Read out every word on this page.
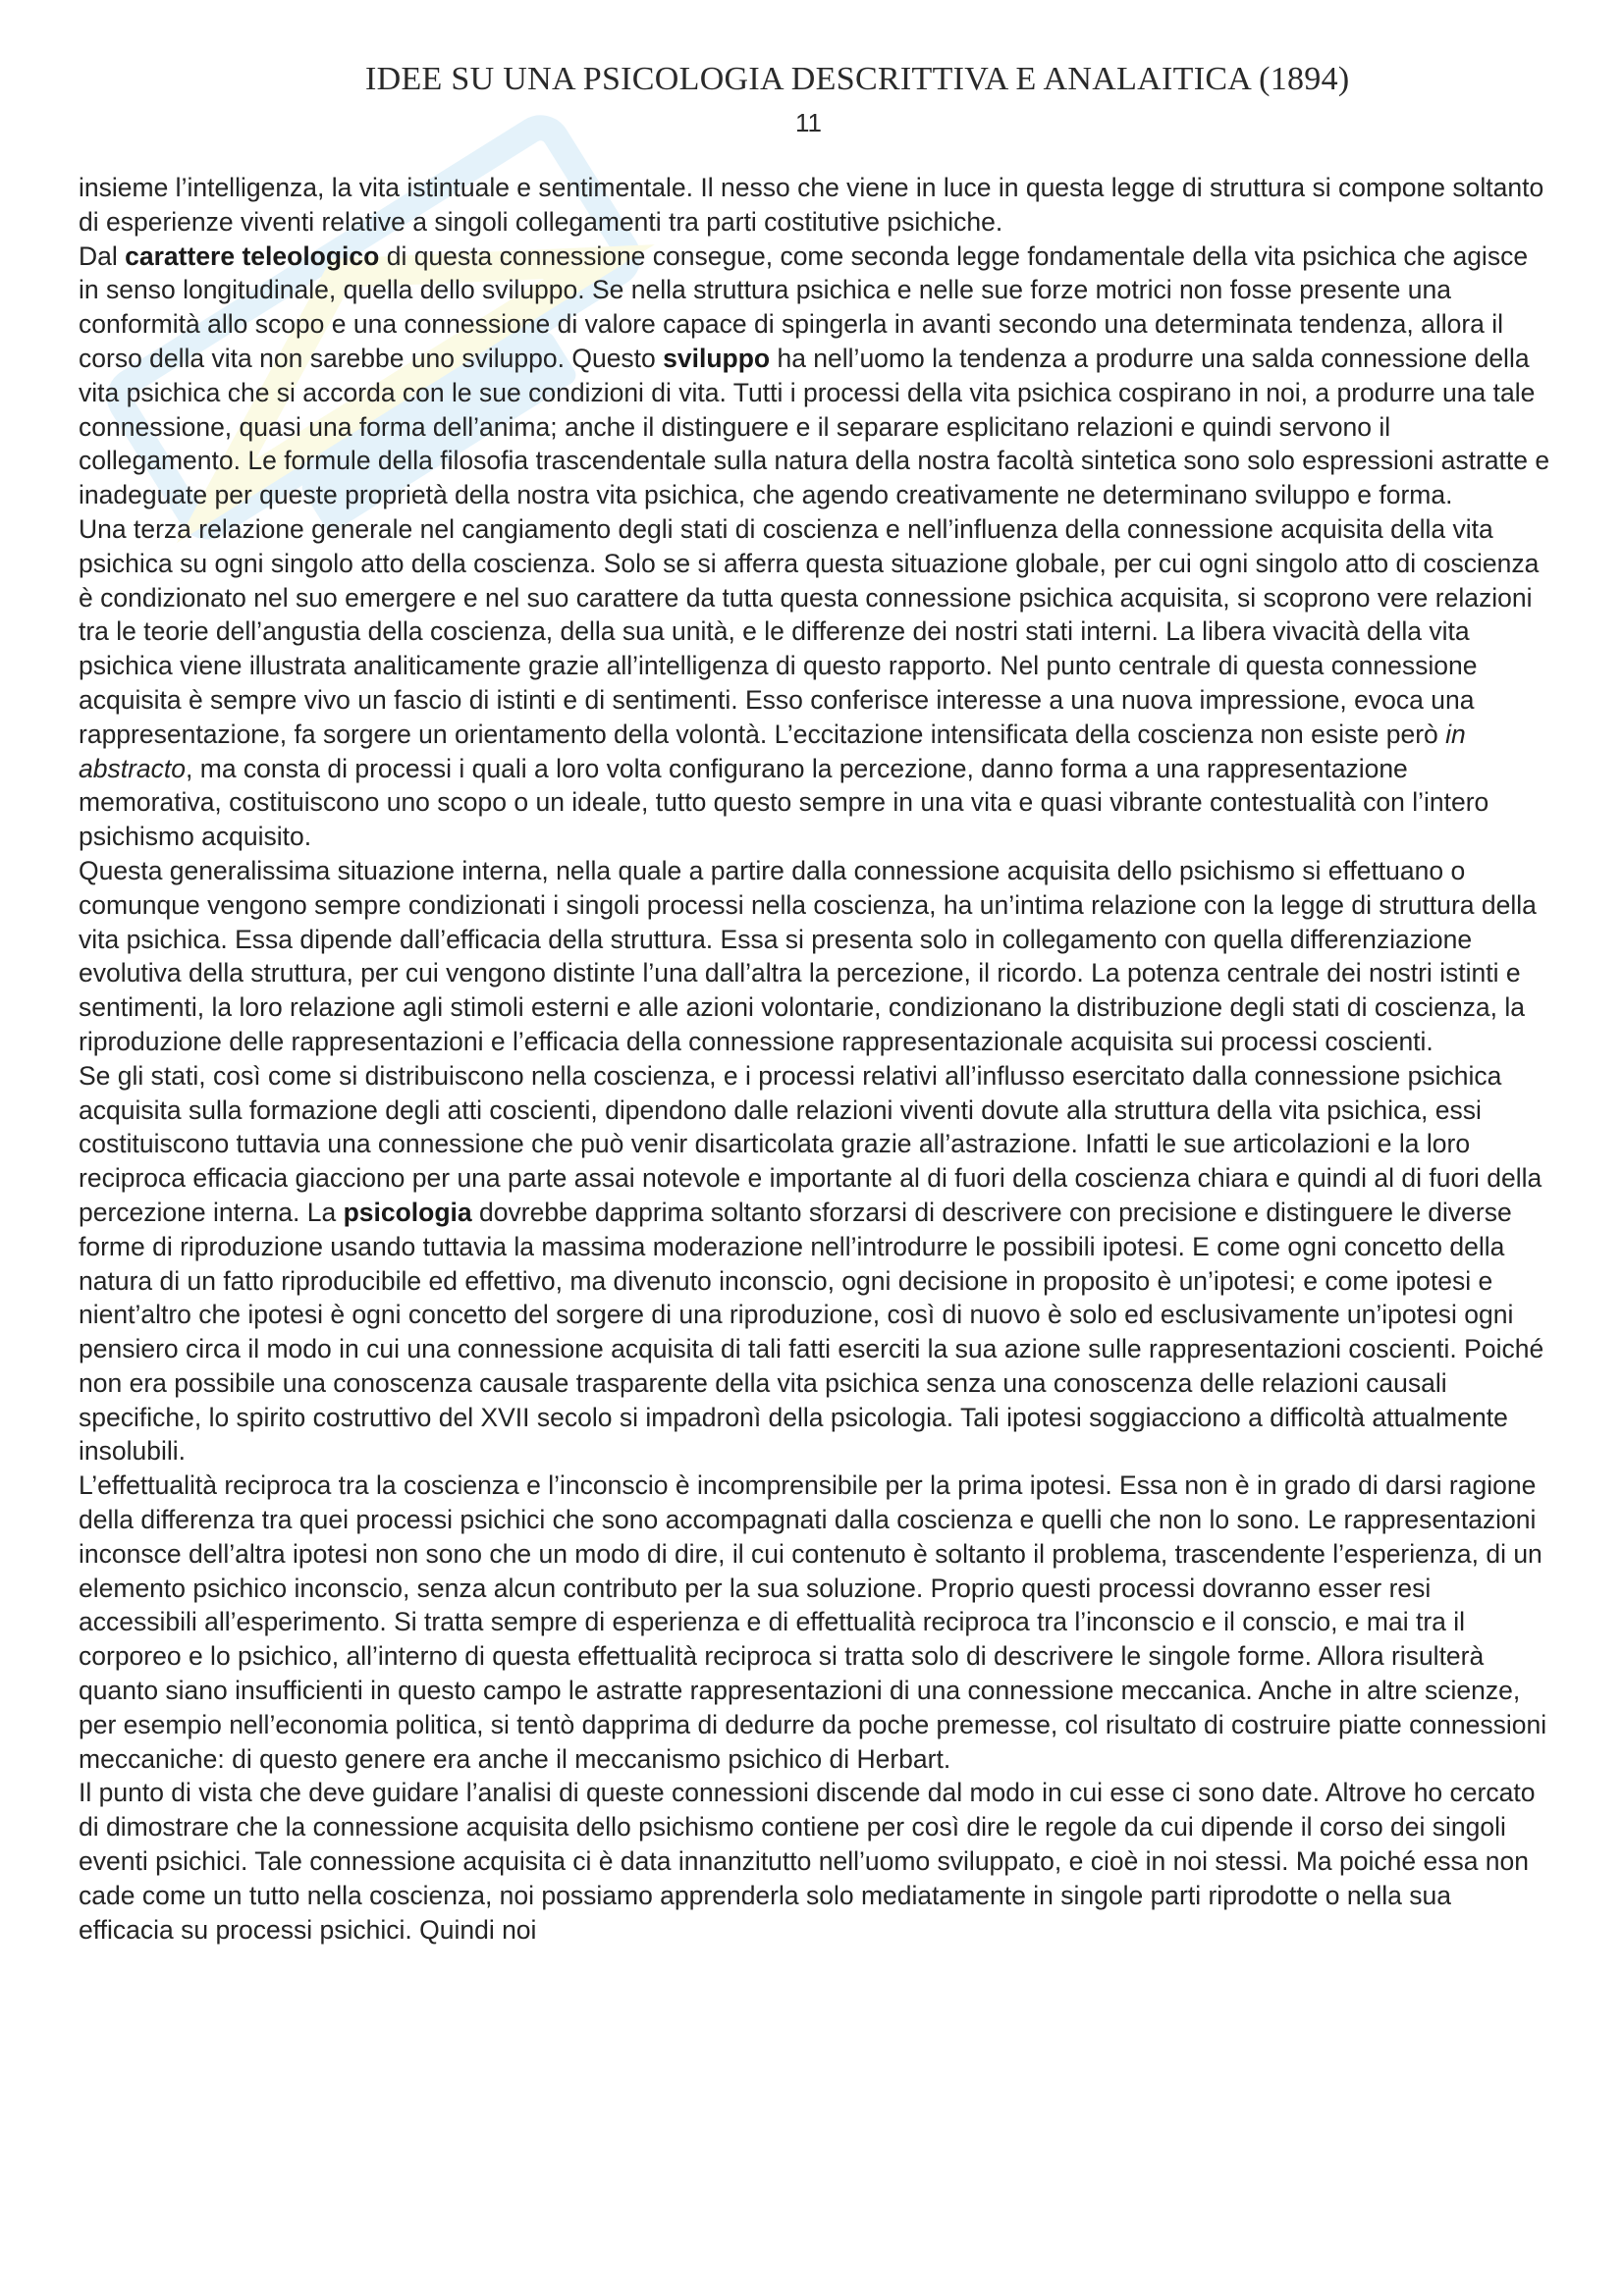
IDEE SU UNA PSICOLOGIA DESCRITTIVA E ANALAITICA (1894)
11

insieme l’intelligenza, la vita istintuale e sentimentale. Il nesso che viene in luce in questa legge di struttura si compone soltanto di esperienze viventi relative a singoli collegamenti tra parti costitutive psichiche.

Dal carattere teleologico di questa connessione consegue, come seconda legge fondamentale della vita psichica che agisce in senso longitudinale, quella dello sviluppo. Se nella struttura psichica e nelle sue forze motrici non fosse presente una conformità allo scopo e una connessione di valore capace di spingerla in avanti secondo una determinata tendenza, allora il corso della vita non sarebbe uno sviluppo. Questo sviluppo ha nell’uomo la tendenza a produrre una salda connessione della vita psichica che si accorda con le sue condizioni di vita. Tutti i processi della vita psichica cospirano in noi, a produrre una tale connessione, quasi una forma dell’anima; anche il distinguere e il separare esplicitano relazioni e quindi servono il collegamento. Le formule della filosofia trascendentale sulla natura della nostra facoltà sintetica sono solo espressioni astratte e inadeguate per queste proprietà della nostra vita psichica, che agendo creativamente ne determinano sviluppo e forma.

Una terza relazione generale nel cangiamento degli stati di coscienza e nell’influenza della connessione acquisita della vita psichica su ogni singolo atto della coscienza. Solo se si afferra questa situazione globale, per cui ogni singolo atto di coscienza è condizionato nel suo emergere e nel suo carattere da tutta questa connessione psichica acquisita, si scoprono vere relazioni tra le teorie dell’angustia della coscienza, della sua unità, e le differenze dei nostri stati interni. La libera vivacità della vita psichica viene illustrata analiticamente grazie all’intelligenza di questo rapporto. Nel punto centrale di questa connessione acquisita è sempre vivo un fascio di istinti e di sentimenti. Esso conferisce interesse a una nuova impressione, evoca una rappresentazione, fa sorgere un orientamento della volontà. L’eccitazione intensificata della coscienza non esiste però in abstracto, ma consta di processi i quali a loro volta configurano la percezione, danno forma a una rappresentazione memorativa, costituiscono uno scopo o un ideale, tutto questo sempre in una vita e quasi vibrante contestualità con l’intero psichismo acquisito.

Questa generalissima situazione interna, nella quale a partire dalla connessione acquisita dello psichismo si effettuano o comunque vengono sempre condizionati i singoli processi nella coscienza, ha un’intima relazione con la legge di struttura della vita psichica. Essa dipende dall’efficacia della struttura. Essa si presenta solo in collegamento con quella differenziazione evolutiva della struttura, per cui vengono distinte l’una dall’altra la percezione, il ricordo. La potenza centrale dei nostri istinti e sentimenti, la loro relazione agli stimoli esterni e alle azioni volontarie, condizionano la distribuzione degli stati di coscienza, la riproduzione delle rappresentazioni e l’efficacia della connessione rappresentazionale acquisita sui processi coscienti.

Se gli stati, così come si distribuiscono nella coscienza, e i processi relativi all’influsso esercitato dalla connessione psichica acquisita sulla formazione degli atti coscienti, dipendono dalle relazioni viventi dovute alla struttura della vita psichica, essi costituiscono tuttavia una connessione che può venir disarticolata grazie all’astrazione. Infatti le sue articolazioni e la loro reciproca efficacia giacciono per una parte assai notevole e importante al di fuori della coscienza chiara e quindi al di fuori della percezione interna. La psicologia dovrebbe dapprima soltanto sforzarsi di descrivere con precisione e distinguere le diverse forme di riproduzione usando tuttavia la massima moderazione nell’introdurre le possibili ipotesi. E come ogni concetto della natura di un fatto riproducibile ed effettivo, ma divenuto inconscio, ogni decisione in proposito è un’ipotesi; e come ipotesi e nient’altro che ipotesi è ogni concetto del sorgere di una riproduzione, così di nuovo è solo ed esclusivamente un’ipotesi ogni pensiero circa il modo in cui una connessione acquisita di tali fatti eserciti la sua azione sulle rappresentazioni coscienti. Poiché non era possibile una conoscenza causale trasparente della vita psichica senza una conoscenza delle relazioni causali specifiche, lo spirito costruttivo del XVII secolo si impadronì della psicologia. Tali ipotesi soggiacciono a difficoltà attualmente insolubili.

L’effettualità reciproca tra la coscienza e l’inconscio è incomprensibile per la prima ipotesi. Essa non è in grado di darsi ragione della differenza tra quei processi psichici che sono accompagnati dalla coscienza e quelli che non lo sono. Le rappresentazioni inconsce dell’altra ipotesi non sono che un modo di dire, il cui contenuto è soltanto il problema, trascendente l’esperienza, di un elemento psichico inconscio, senza alcun contributo per la sua soluzione. Proprio questi processi dovranno esser resi accessibili all’esperimento. Si tratta sempre di esperienza e di effettualità reciproca tra l’inconscio e il conscio, e mai tra il corporeo e lo psichico, all’interno di questa effettualità reciproca si tratta solo di descrivere le singole forme. Allora risulterà quanto siano insufficienti in questo campo le astratte rappresentazioni di una connessione meccanica. Anche in altre scienze, per esempio nell’economia politica, si tentò dapprima di dedurre da poche premesse, col risultato di costruire piatte connessioni meccaniche: di questo genere era anche il meccanismo psichico di Herbart.

Il punto di vista che deve guidare l’analisi di queste connessioni discende dal modo in cui esse ci sono date. Altrove ho cercato di dimostrare che la connessione acquisita dello psichismo contiene per così dire le regole da cui dipende il corso dei singoli eventi psichici. Tale connessione acquisita ci è data innanzitutto nell’uomo sviluppato, e cioè in noi stessi. Ma poiché essa non cade come un tutto nella coscienza, noi possiamo apprenderla solo mediatamente in singole parti riprodotte o nella sua efficacia su processi psichici. Quindi noi
